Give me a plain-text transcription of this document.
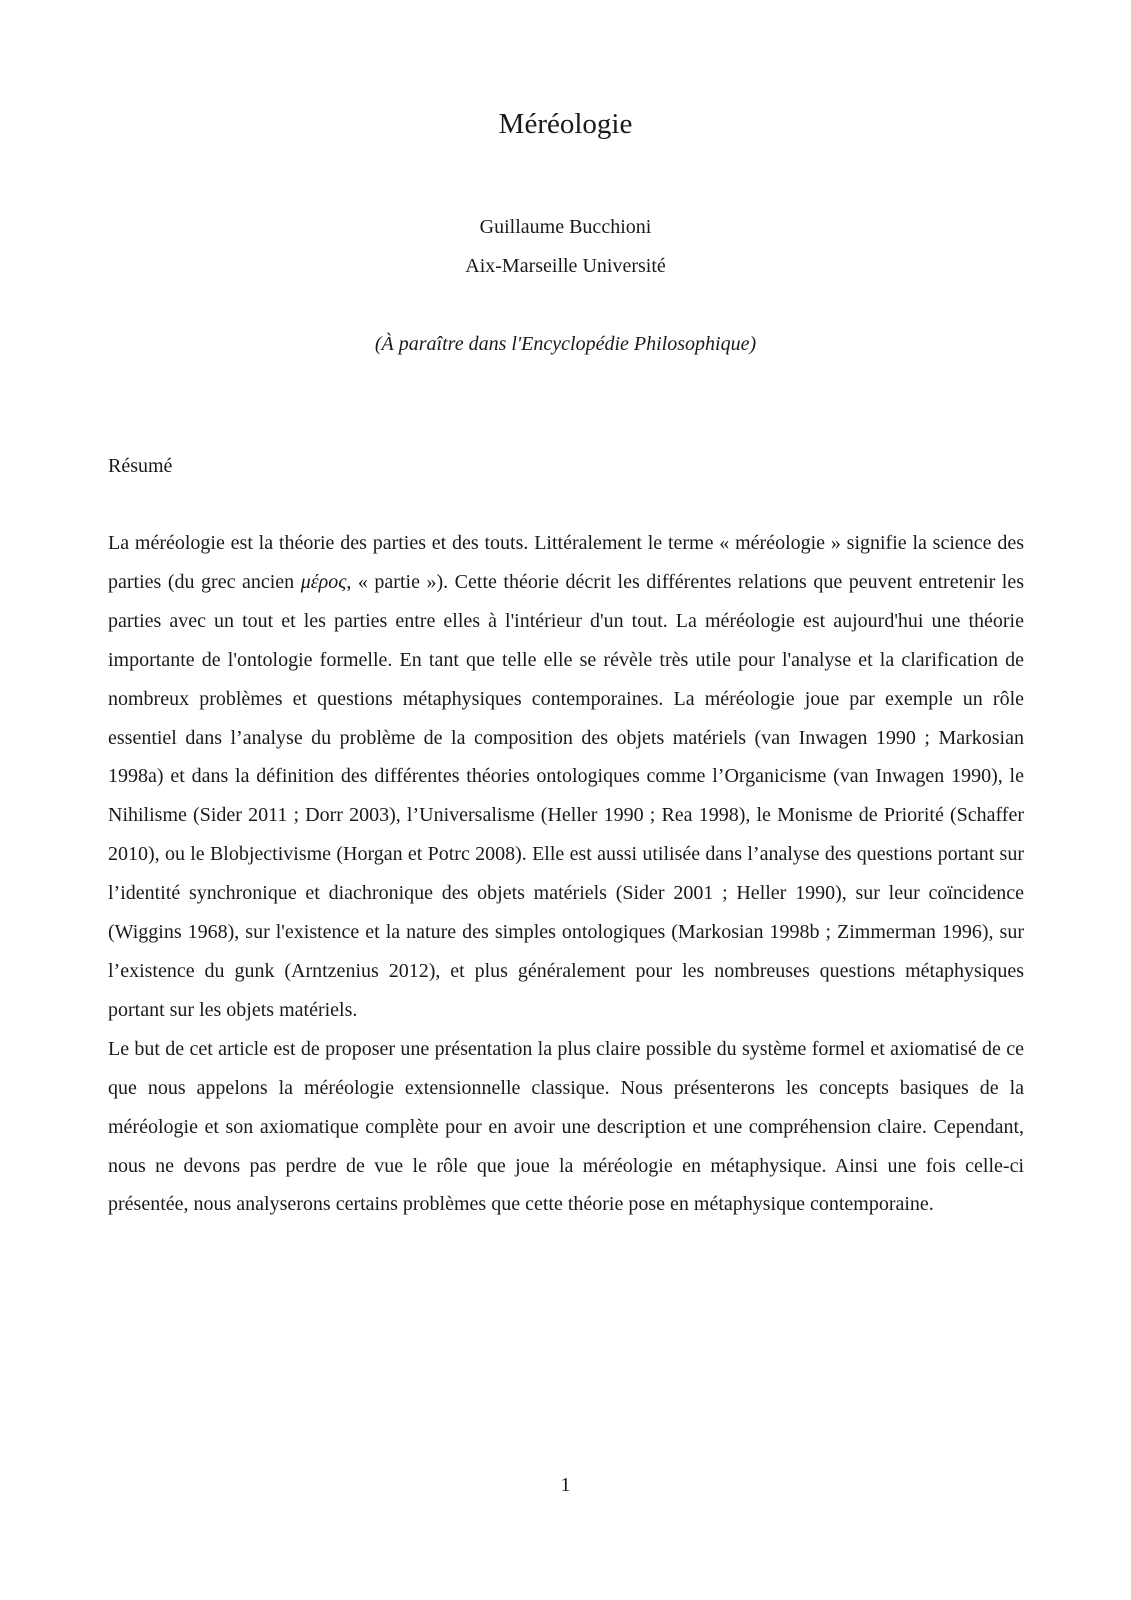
Méréologie
Guillaume Bucchioni
Aix-Marseille Université
(À paraître dans l'Encyclopédie Philosophique)
Résumé

La méréologie est la théorie des parties et des touts. Littéralement le terme « méréologie » signifie la science des parties (du grec ancien μέρος, « partie »). Cette théorie décrit les différentes relations que peuvent entretenir les parties avec un tout et les parties entre elles à l'intérieur d'un tout. La méréologie est aujourd'hui une théorie importante de l'ontologie formelle. En tant que telle elle se révèle très utile pour l'analyse et la clarification de nombreux problèmes et questions métaphysiques contemporaines. La méréologie joue par exemple un rôle essentiel dans l’analyse du problème de la composition des objets matériels (van Inwagen 1990 ; Markosian 1998a) et dans la définition des différentes théories ontologiques comme l’Organicisme (van Inwagen 1990), le Nihilisme (Sider 2011 ; Dorr 2003), l’Universalisme (Heller 1990 ; Rea 1998), le Monisme de Priorité (Schaffer 2010), ou le Blobjectivisme (Horgan et Potrc 2008). Elle est aussi utilisée dans l’analyse des questions portant sur l’identité synchronique et diachronique des objets matériels (Sider 2001 ; Heller 1990), sur leur coïncidence (Wiggins 1968), sur l'existence et la nature des simples ontologiques (Markosian 1998b ; Zimmerman 1996), sur l’existence du gunk (Arntzenius 2012), et plus généralement pour les nombreuses questions métaphysiques portant sur les objets matériels.

Le but de cet article est de proposer une présentation la plus claire possible du système formel et axiomatisé de ce que nous appelons la méréologie extensionnelle classique. Nous présenterons les concepts basiques de la méréologie et son axiomatique complète pour en avoir une description et une compréhension claire. Cependant, nous ne devons pas perdre de vue le rôle que joue la méréologie en métaphysique. Ainsi une fois celle-ci présentée, nous analyserons certains problèmes que cette théorie pose en métaphysique contemporaine.

1
